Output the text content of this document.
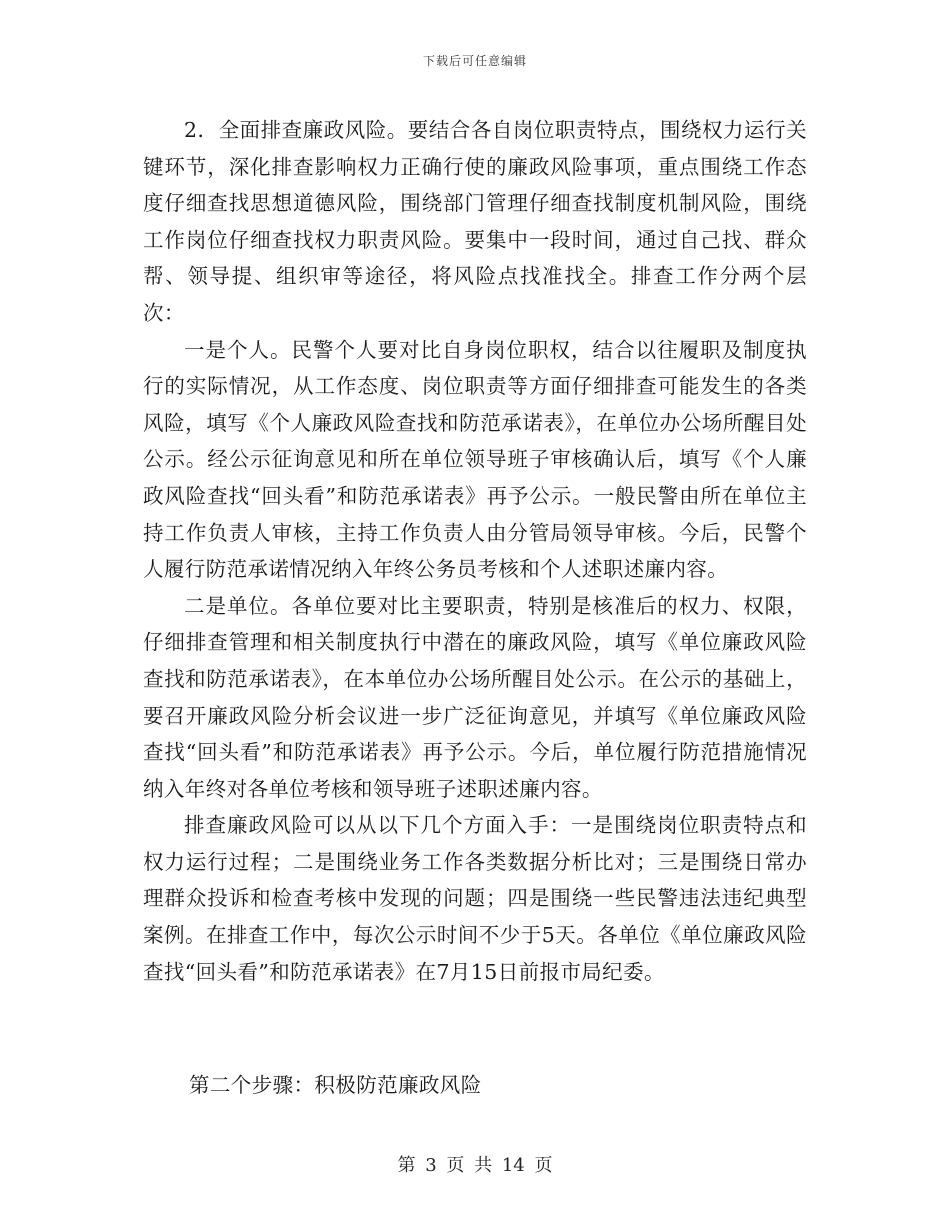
下载后可任意编辑

2．全面排查廉政风险。要结合各自岗位职责特点，围绕权力运行关键环节，深化排查影响权力正确行使的廉政风险事项，重点围绕工作态度仔细查找思想道德风险，围绕部门管理仔细查找制度机制风险，围绕工作岗位仔细查找权力职责风险。要集中一段时间，通过自己找、群众帮、领导提、组织审等途径，将风险点找准找全。排查工作分两个层次：

一是个人。民警个人要对比自身岗位职权，结合以往履职及制度执行的实际情况，从工作态度、岗位职责等方面仔细排查可能发生的各类风险，填写《个人廉政风险查找和防范承诺表》，在单位办公场所醒目处公示。经公示征询意见和所在单位领导班子审核确认后，填写《个人廉政风险查找“回头看”和防范承诺表》再予公示。一般民警由所在单位主持工作负责人审核，主持工作负责人由分管局领导审核。今后，民警个人履行防范承诺情况纳入年终公务员考核和个人述职述廉内容。

二是单位。各单位要对比主要职责，特别是核准后的权力、权限，仔细排查管理和相关制度执行中潜在的廉政风险，填写《单位廉政风险查找和防范承诺表》，在本单位办公场所醒目处公示。在公示的基础上，要召开廉政风险分析会议进一步广泛征询意见，并填写《单位廉政风险查找“回头看”和防范承诺表》再予公示。今后，单位履行防范措施情况纳入年终对各单位考核和领导班子述职述廉内容。

排查廉政风险可以从以下几个方面入手：一是围绕岗位职责特点和权力运行过程；二是围绕业务工作各类数据分析比对；三是围绕日常办理群众投诉和检查考核中发现的问题；四是围绕一些民警违法违纪典型案例。在排查工作中，每次公示时间不少于5天。各单位《单位廉政风险查找“回头看”和防范承诺表》在7月15日前报市局纪委。

第二个步骤：积极防范廉政风险
第 3 页 共 14 页
